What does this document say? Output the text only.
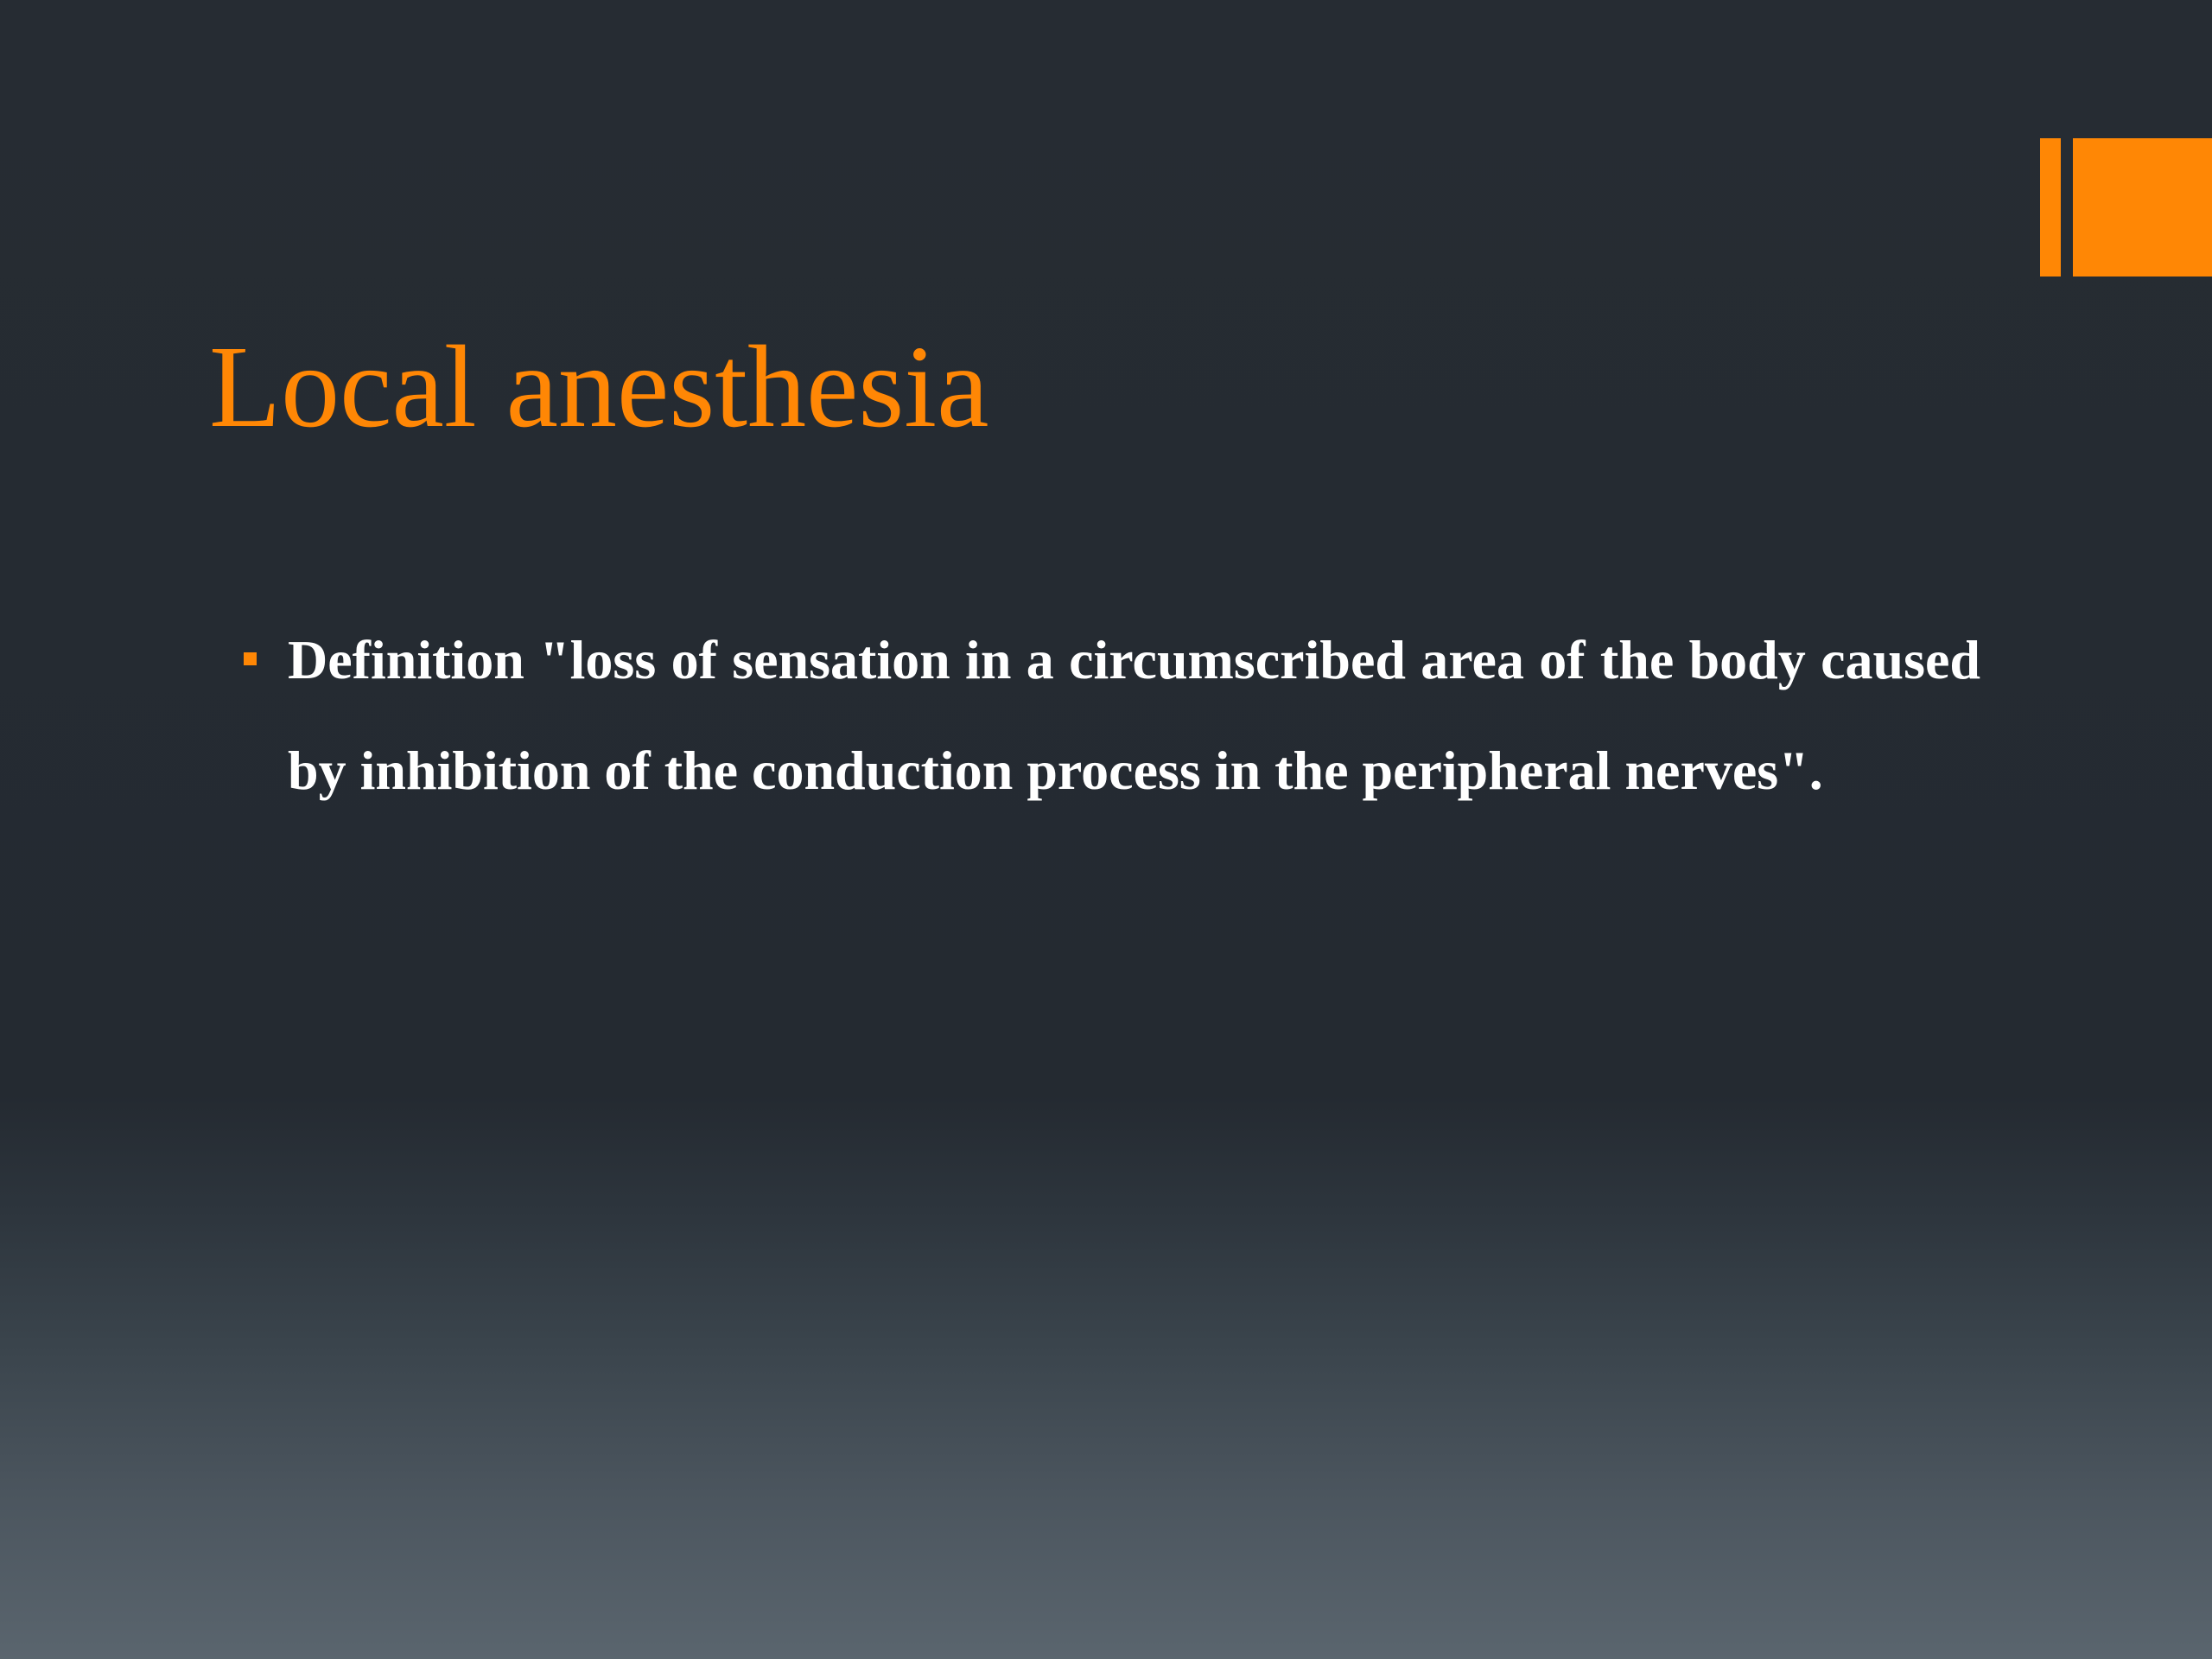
Local anesthesia

Definition "loss of sensation in a circumscribed area of the body caused by inhibition of the conduction process in the peripheral nerves".
